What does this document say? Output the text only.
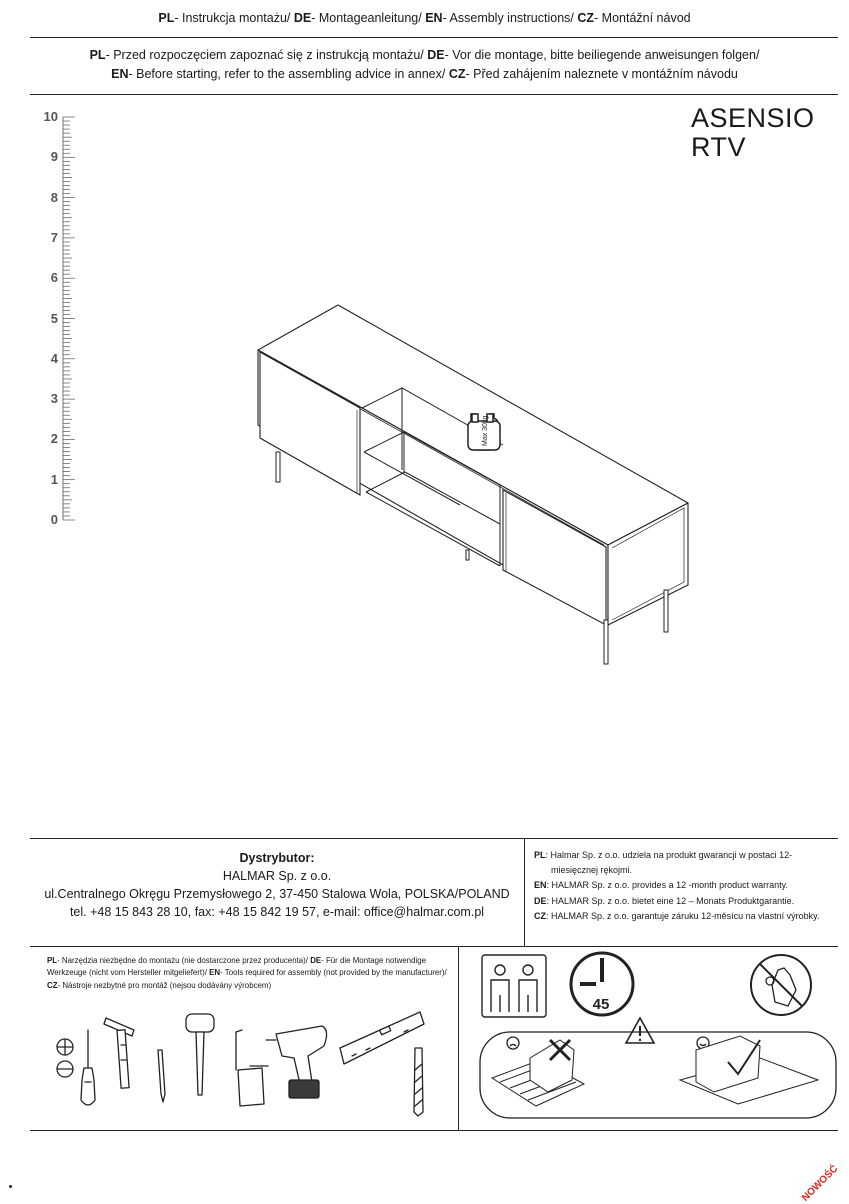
PL- Instrukcja montażu/ DE- Montageanleitung/ EN- Assembly instructions/ CZ- Montážní návod
PL- Przed rozpoczęciem zapoznać się z instrukcją montażu/ DE- Vor die montage, bitte beiliegende anweisungen folgen/
EN- Before starting, refer to the assembling advice in annex/ CZ- Před zahájením naleznete v montážním návodu
ASENSIO
RTV
10
9
8
7
6
5
4
3
2
1
0
Max 30kg
Dystrybutor:
HALMAR Sp. z o.o.
ul.Centralnego Okręgu Przemysłowego 2, 37-450 Stalowa Wola, POLSKA/POLAND
tel. +48 15 843 28 10, fax: +48 15 842 19 57, e-mail: office@halmar.com.pl

PL: Halmar Sp. z o.o. udziela na produkt gwarancji w postaci 12-miesięcznej rękojmi.

EN: HALMAR Sp. z o.o. provides a 12 -month product warranty.

DE: HALMAR Sp. z o.o. bietet eine 12 – Monats Produktgarantie.

CZ: HALMAR Sp. z o.o. garantuje záruku 12-měsícu na vlastní výrobky.

PL- Narzędzia niezbędne do montażu (nie dostarczone przez producenta)/ DE- Für die Montage notwendige Werkzeuge (nicht vom Hersteller mitgeliefert)/ EN- Tools required for assembly (not provided by the manufacturer)/ CZ- Nástroje nezbytné pro montáž (nejsou dodávány výrobcem)
45
NOWOŚĆ
